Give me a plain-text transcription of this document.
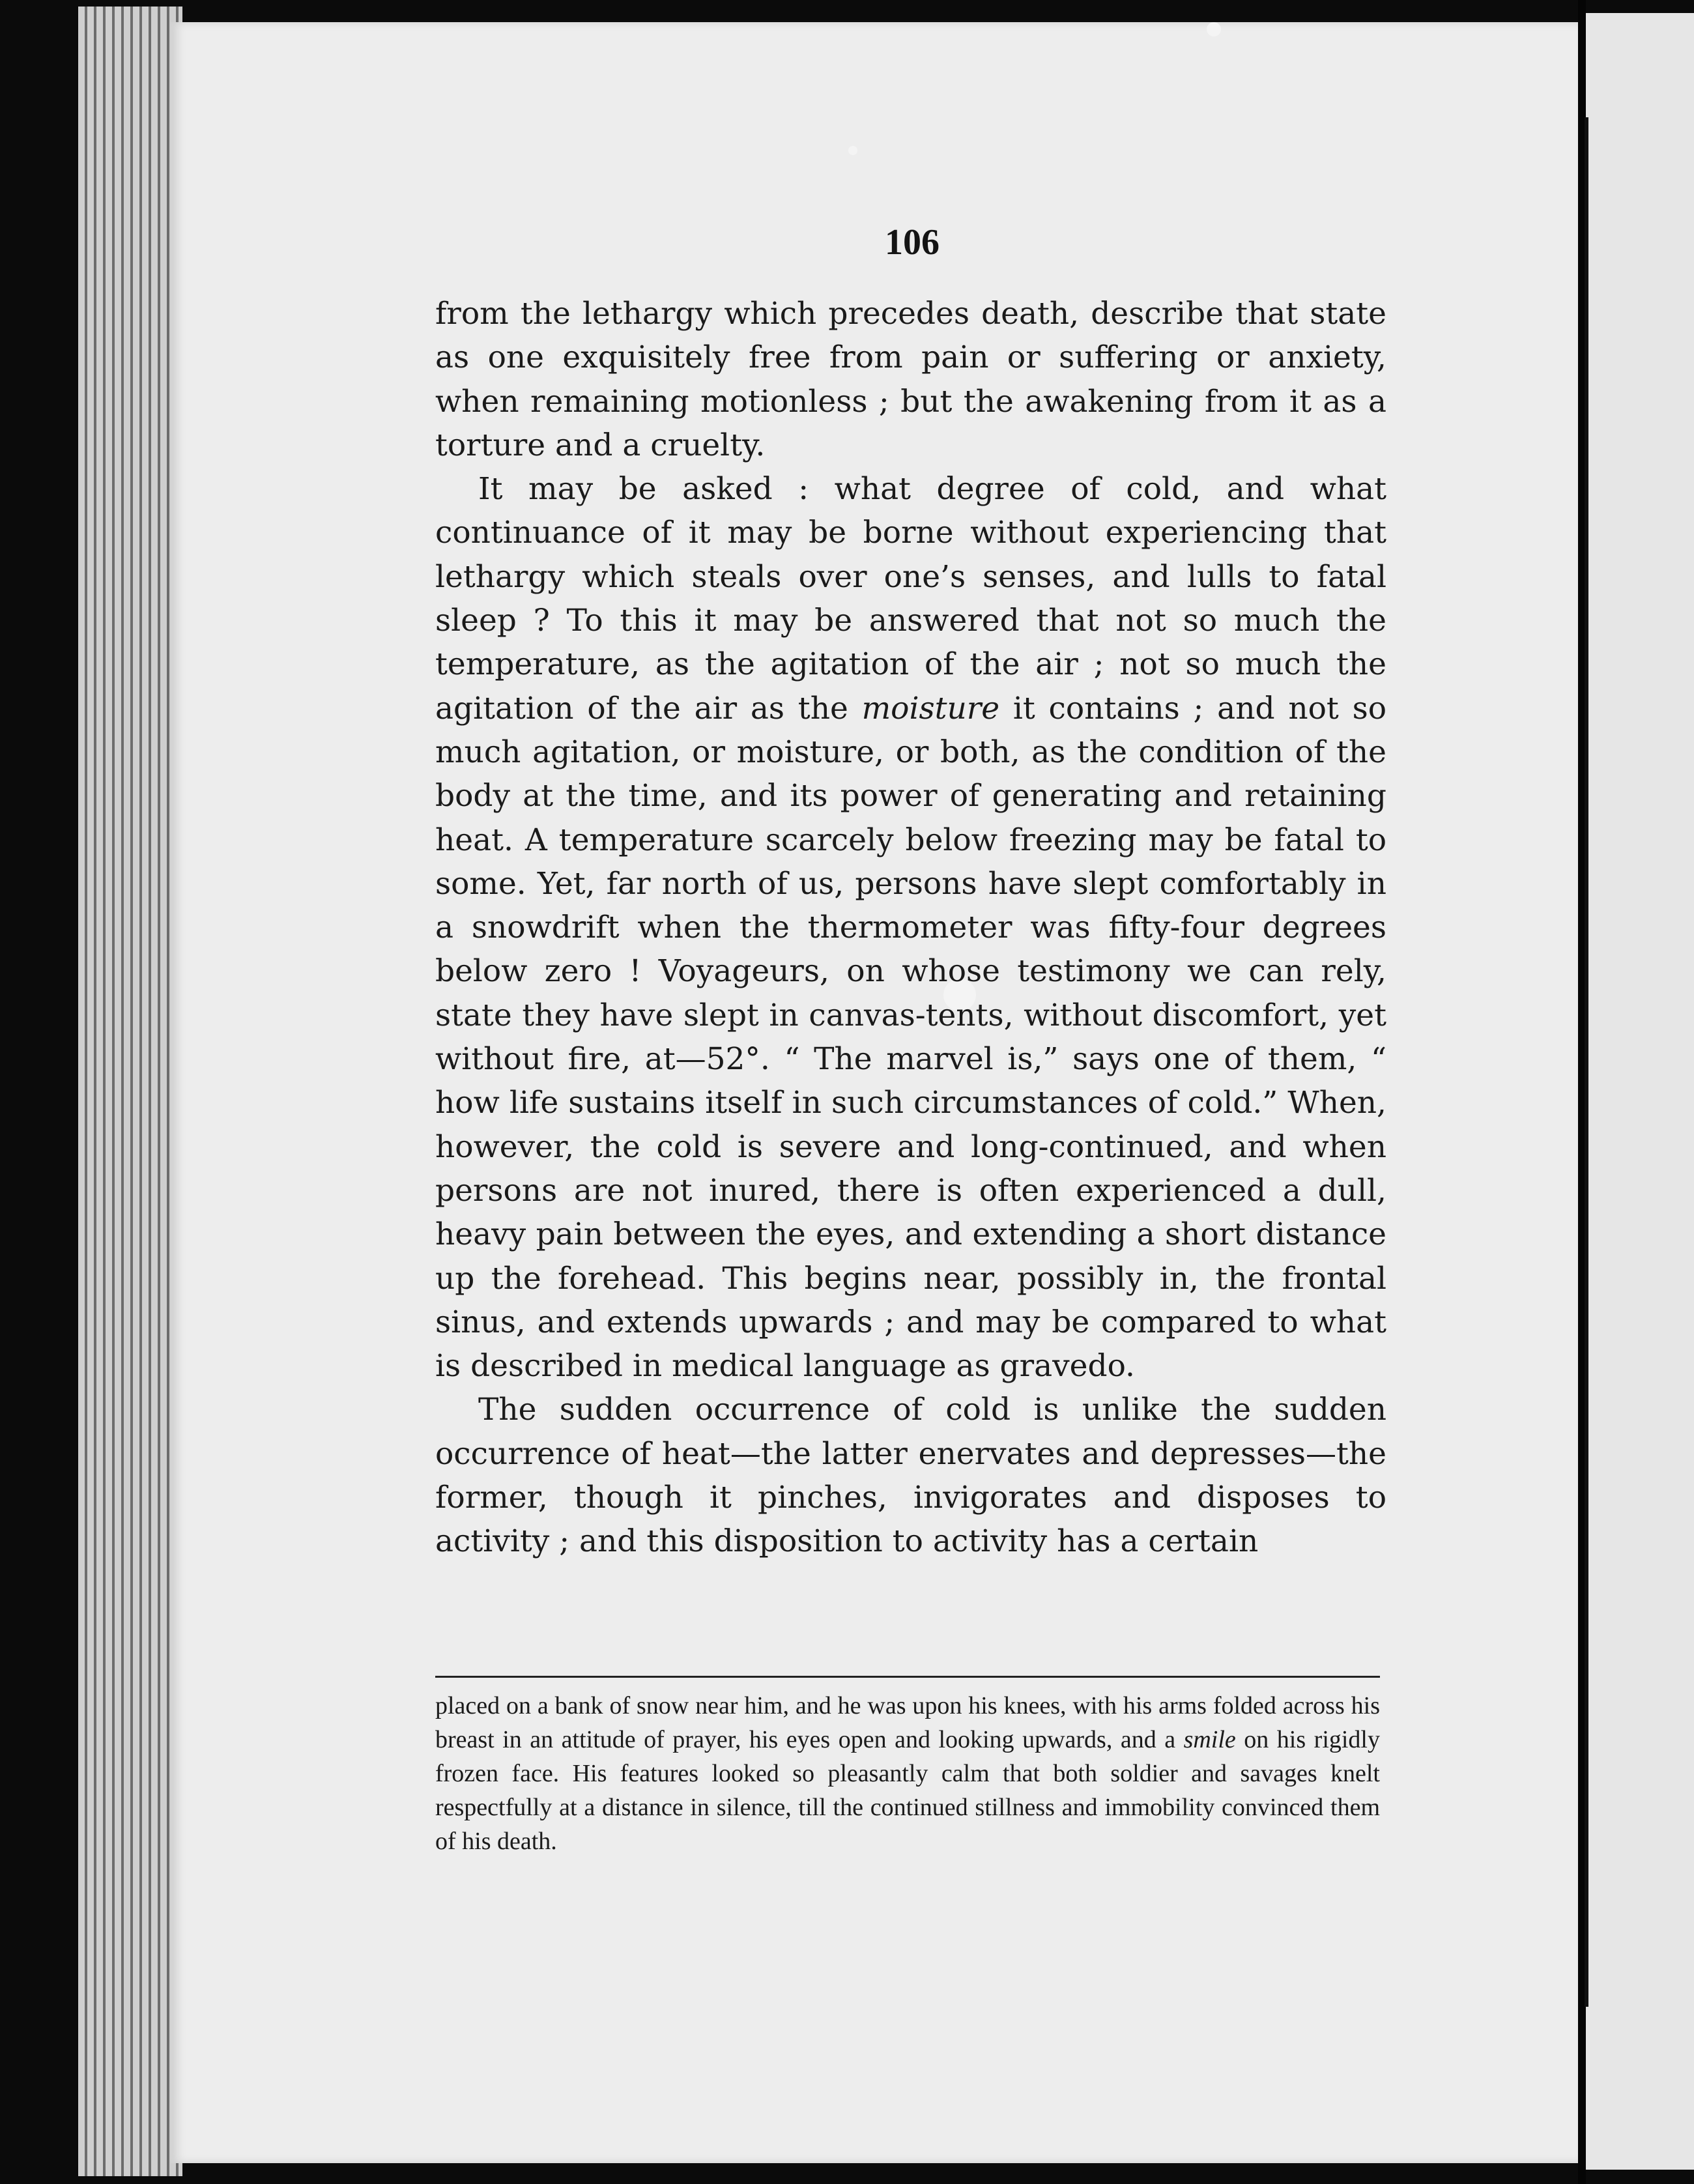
106

from the lethargy which precedes death, describe that state as one exquisitely free from pain or suffering or anxiety, when remaining motionless ; but the awakening from it as a torture and a cruelty.

It may be asked : what degree of cold, and what continuance of it may be borne without experiencing that lethargy which steals over one’s senses, and lulls to fatal sleep ? To this it may be answered that not so much the temperature, as the agitation of the air ; not so much the agitation of the air as the moisture it contains ; and not so much agitation, or moisture, or both, as the condition of the body at the time, and its power of generating and retaining heat. A temperature scarcely below freezing may be fatal to some. Yet, far north of us, persons have slept comfortably in a snowdrift when the thermometer was fifty-four degrees below zero ! Voyageurs, on whose testimony we can rely, state they have slept in canvas-tents, without discomfort, yet without fire, at—52°. “ The marvel is,” says one of them, “ how life sustains itself in such circumstances of cold.” When, however, the cold is severe and long-continued, and when persons are not inured, there is often experienced a dull, heavy pain between the eyes, and extending a short distance up the forehead. This begins near, possibly in, the frontal sinus, and extends upwards ; and may be compared to what is described in medical language as gravedo.

The sudden occurrence of cold is unlike the sudden occurrence of heat—the latter enervates and depresses—the former, though it pinches, invigorates and disposes to activity ; and this disposition to activity has a certain

placed on a bank of snow near him, and he was upon his knees, with his arms folded across his breast in an attitude of prayer, his eyes open and looking upwards, and a smile on his rigidly frozen face. His features looked so pleasantly calm that both soldier and savages knelt respectfully at a distance in silence, till the continued stillness and immobility convinced them of his death.
